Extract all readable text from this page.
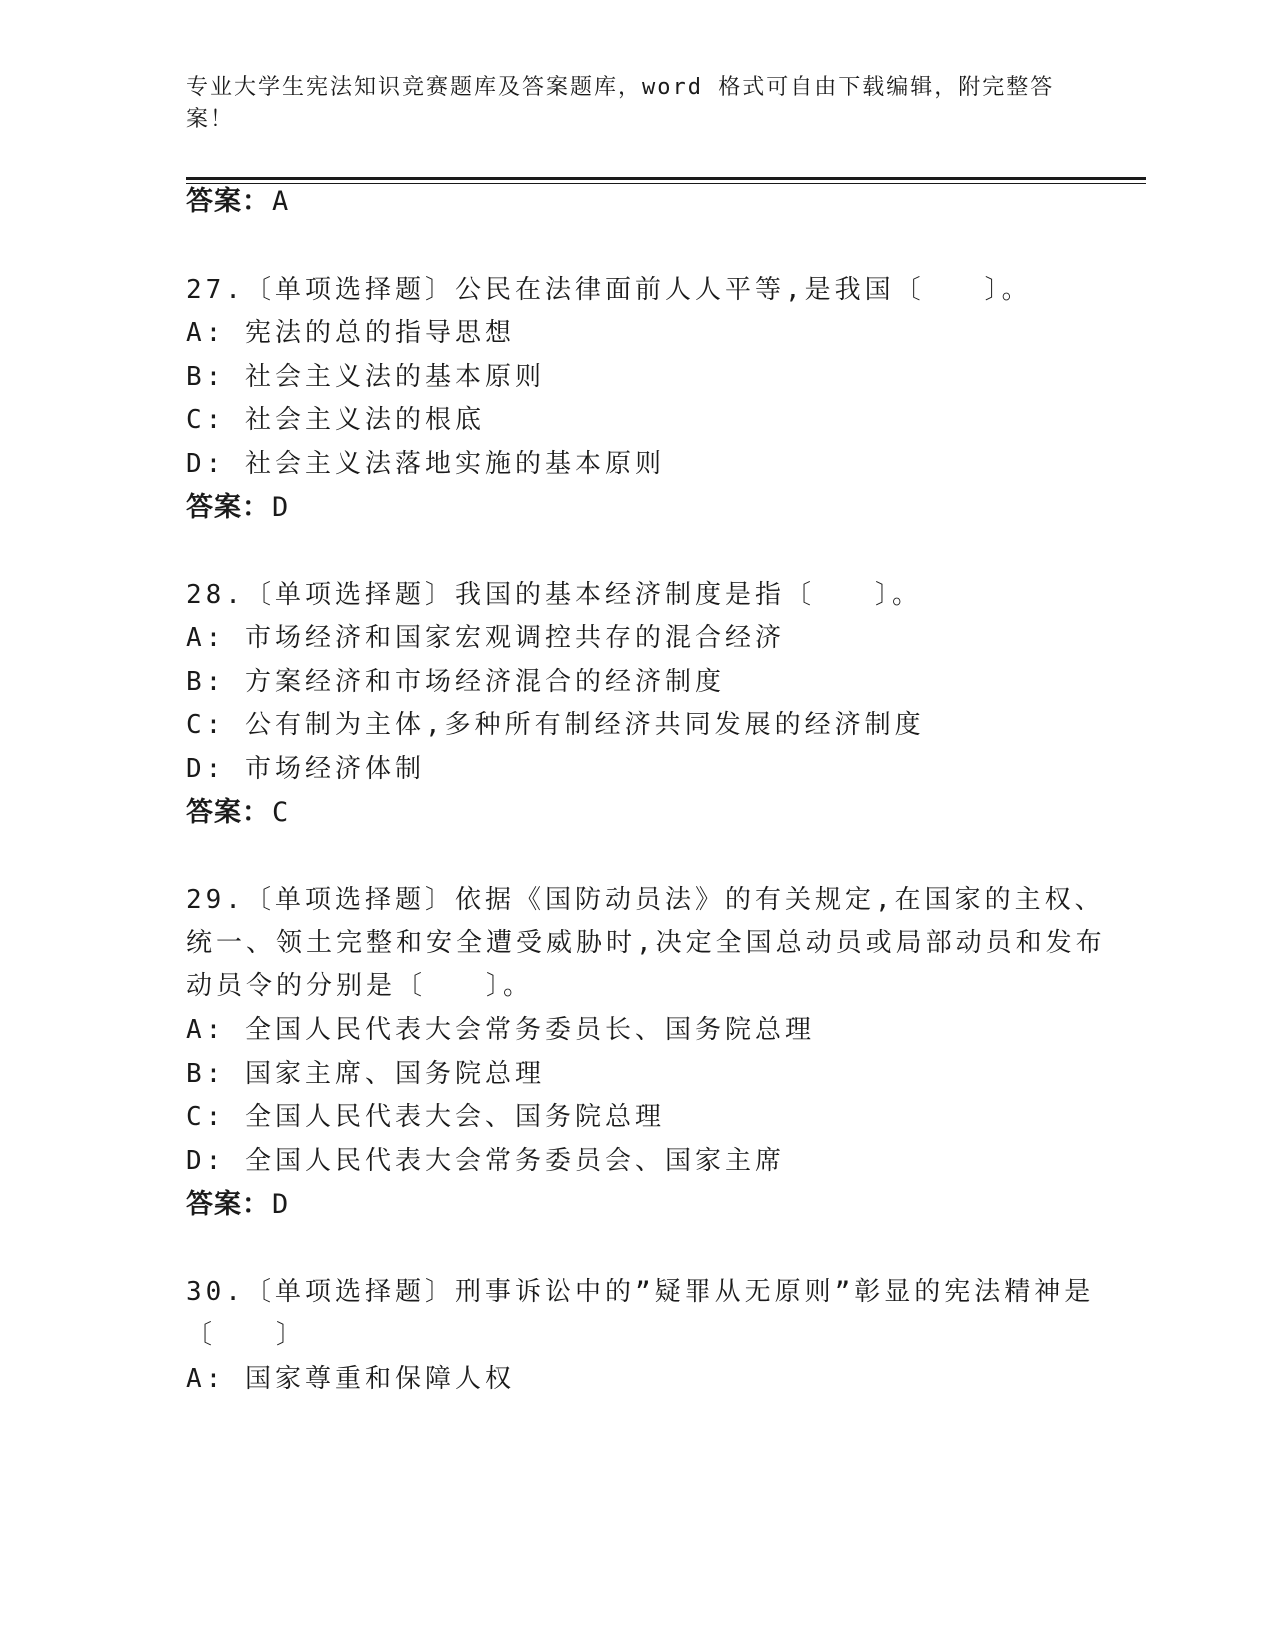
专业大学生宪法知识竞赛题库及答案题库，word 格式可自由下载编辑，附完整答
案！
答案：A
27.〔单项选择题〕公民在法律面前人人平等,是我国〔　　〕。
A: 宪法的总的指导思想
B: 社会主义法的基本原则
C: 社会主义法的根底
D: 社会主义法落地实施的基本原则
答案：D
28.〔单项选择题〕我国的基本经济制度是指〔　　〕。
A: 市场经济和国家宏观调控共存的混合经济
B: 方案经济和市场经济混合的经济制度
C: 公有制为主体,多种所有制经济共同发展的经济制度
D: 市场经济体制
答案：C
29.〔单项选择题〕依据《国防动员法》的有关规定,在国家的主权、
统一、领土完整和安全遭受威胁时,决定全国总动员或局部动员和发布
动员令的分别是〔　　〕。
A: 全国人民代表大会常务委员长、国务院总理
B: 国家主席、国务院总理
C: 全国人民代表大会、国务院总理
D: 全国人民代表大会常务委员会、国家主席
答案：D
30.〔单项选择题〕刑事诉讼中的”疑罪从无原则”彰显的宪法精神是
〔　　〕
A: 国家尊重和保障人权
